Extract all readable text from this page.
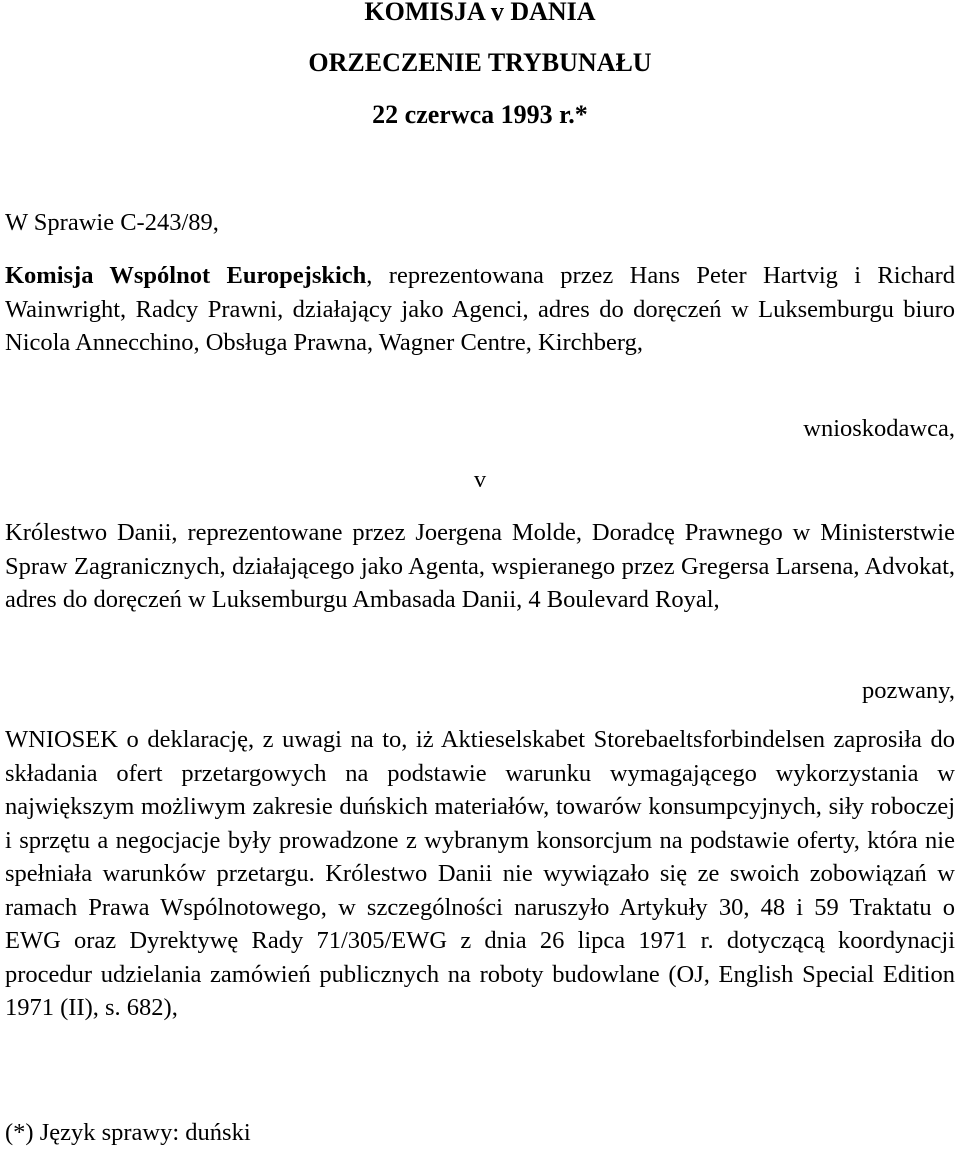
KOMISJA v DANIA
ORZECZENIE TRYBUNAŁU
22 czerwca 1993 r.*
W Sprawie C-243/89,
Komisja Wspólnot Europejskich, reprezentowana przez Hans Peter Hartvig i Richard Wainwright, Radcy Prawni, działający jako Agenci, adres do doręczeń w Luksemburgu biuro Nicola Annecchino, Obsługa Prawna, Wagner Centre, Kirchberg,
wnioskodawca,
v
Królestwo Danii, reprezentowane przez Joergena Molde, Doradcę Prawnego w Ministerstwie Spraw Zagranicznych, działającego jako Agenta, wspieranego przez Gregersa Larsena, Advokat, adres do doręczeń w Luksemburgu Ambasada Danii, 4 Boulevard Royal,
pozwany,
WNIOSEK o deklarację, z uwagi na to, iż Aktieselskabet Storebaeltsforbindelsen zaprosiła do składania ofert przetargowych na podstawie warunku wymagającego wykorzystania w największym możliwym zakresie duńskich materiałów, towarów konsumpcyjnych, siły roboczej i sprzętu a negocjacje były prowadzone z wybranym konsorcjum na podstawie oferty, która nie spełniała warunków przetargu. Królestwo Danii nie wywiązało się ze swoich zobowiązań w ramach Prawa Wspólnotowego, w szczególności naruszyło Artykuły 30, 48 i 59 Traktatu o EWG oraz Dyrektywę Rady 71/305/EWG z dnia 26 lipca 1971 r. dotyczącą koordynacji procedur udzielania zamówień publicznych na roboty budowlane (OJ, English Special Edition 1971 (II), s. 682),
(*) Język sprawy: duński
